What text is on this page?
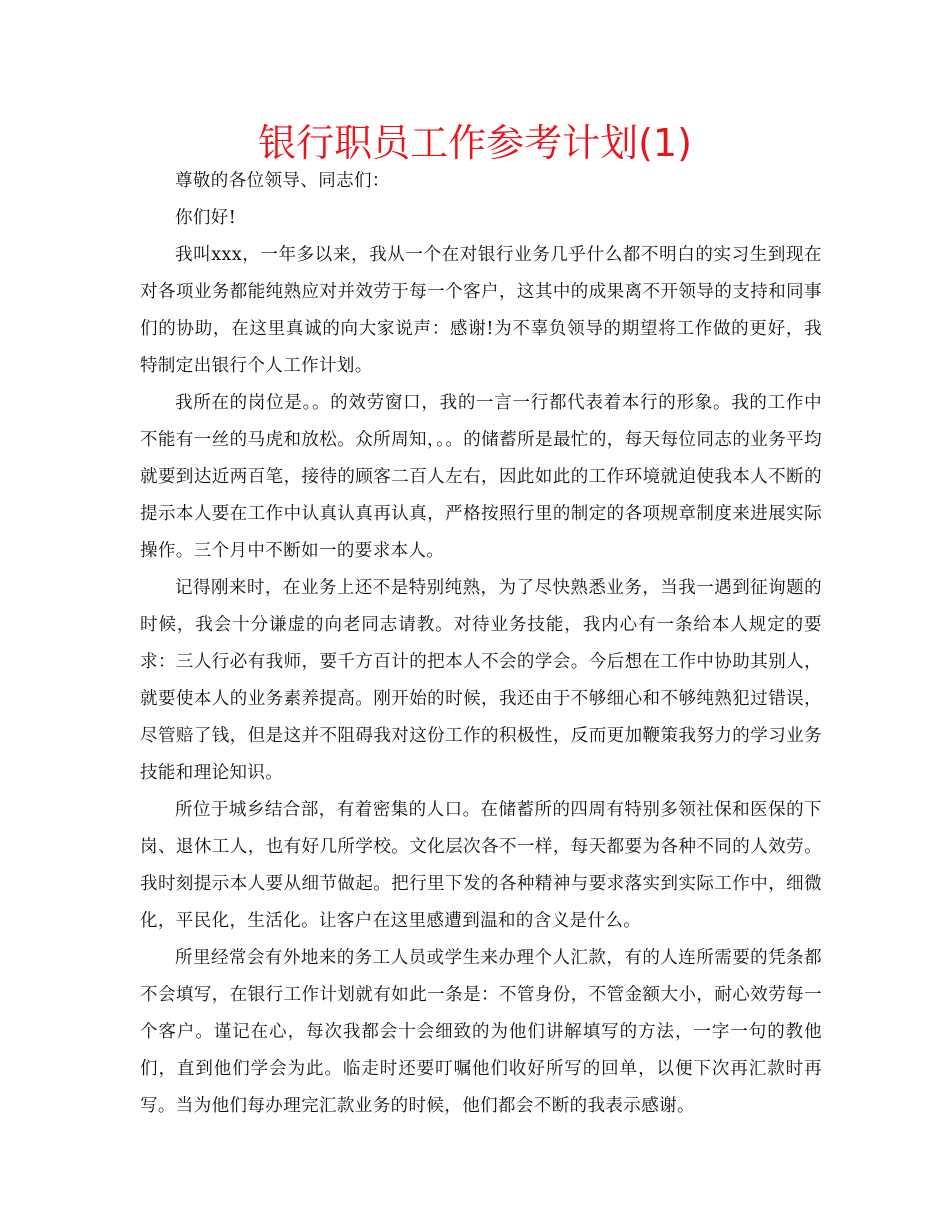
银行职员工作参考计划(1)

尊敬的各位领导、同志们：

你们好!

我叫xxx，一年多以来，我从一个在对银行业务几乎什么都不明白的实习生到现在对各项业务都能纯熟应对并效劳于每一个客户，这其中的成果离不开领导的支持和同事们的协助，在这里真诚的向大家说声：感谢!为不辜负领导的期望将工作做的更好，我特制定出银行个人工作计划。

我所在的岗位是。。的效劳窗口，我的一言一行都代表着本行的形象。我的工作中不能有一丝的马虎和放松。众所周知，。。的储蓄所是最忙的，每天每位同志的业务平均就要到达近两百笔，接待的顾客二百人左右，因此如此的工作环境就迫使我本人不断的提示本人要在工作中认真认真再认真，严格按照行里的制定的各项规章制度来进展实际操作。三个月中不断如一的要求本人。

记得刚来时，在业务上还不是特别纯熟，为了尽快熟悉业务，当我一遇到征询题的时候，我会十分谦虚的向老同志请教。对待业务技能，我内心有一条给本人规定的要求：三人行必有我师，要千方百计的把本人不会的学会。今后想在工作中协助其别人，就要使本人的业务素养提高。刚开始的时候，我还由于不够细心和不够纯熟犯过错误，尽管赔了钱，但是这并不阻碍我对这份工作的积极性，反而更加鞭策我努力的学习业务技能和理论知识。

所位于城乡结合部，有着密集的人口。在储蓄所的四周有特别多领社保和医保的下岗、退休工人，也有好几所学校。文化层次各不一样，每天都要为各种不同的人效劳。我时刻提示本人要从细节做起。把行里下发的各种精神与要求落实到实际工作中，细微化，平民化，生活化。让客户在这里感遭到温和的含义是什么。

所里经常会有外地来的务工人员或学生来办理个人汇款，有的人连所需要的凭条都不会填写，在银行工作计划就有如此一条是：不管身份，不管金额大小，耐心效劳每一个客户。谨记在心，每次我都会十会细致的为他们讲解填写的方法，一字一句的教他们，直到他们学会为此。临走时还要叮嘱他们收好所写的回单，以便下次再汇款时再写。当为他们每办理完汇款业务的时候，他们都会不断的我表示感谢。
